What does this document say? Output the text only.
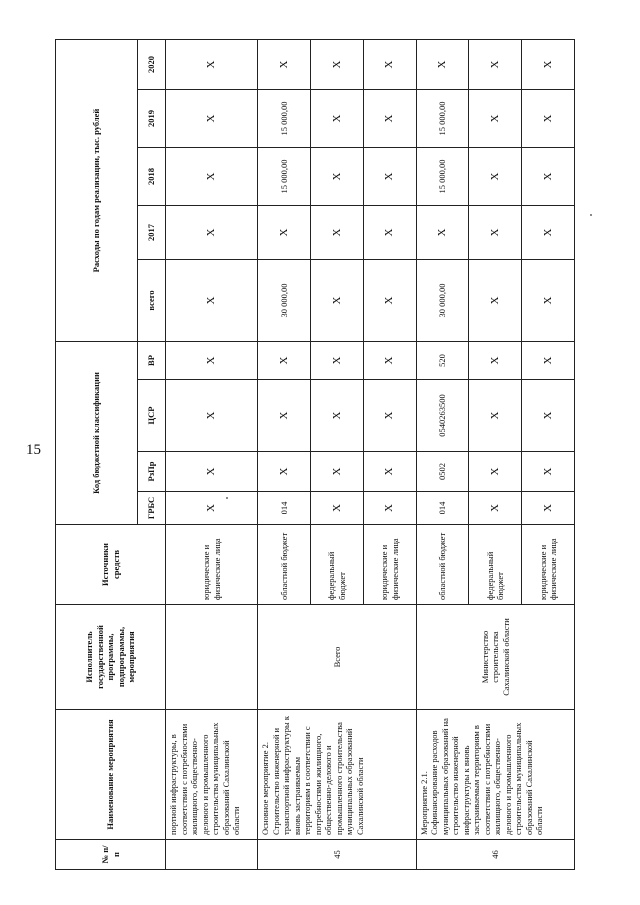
15
№ п/п	Наименование мероприятия	Исполнитель государственной программы, подпрограммы, мероприятия	Источники средств	Код бюджетной классификации				Расходы по годам реализации, тыс. рублей				
				ГРБС	РзПр	ЦСР	ВР	всего	2017	2018	2019	2020
	портной инфраструктуры, в соответствии с потребностями жилищного, общественно-делового и промышленного строительства муниципальных образований Сахалинской области		юридические и физические лица	X	X	X	X	X	X	X	X	X
45	Основное мероприятие 2. Строительство инженерной и транспортной инфраструктуры к вновь застраиваемым территориям в соответствии с потребностями жилищного, общественно-делового и промышленного строительства муниципальных образований Сахалинской области	Всего	областной бюджет	014	X	X	X	30 000,00	X	15 000,00	15 000,00	X
			федеральный бюджет	X	X	X	X	X	X	X	X	X
			юридические и физические лица	X	X	X	X	X	X	X	X	X
46	Мероприятие 2.1. Софинансирование расходов муниципальных образований на строительство инженерной инфраструктуры к вновь застраиваемым территориям в соответствии с потребностями жилищного, общественно-делового и промышленного строительства муниципальных образований Сахалинской области	Министерство строительства Сахалинской области	областной бюджет	014	0502	0540263500	520	30 000,00	X	15 000,00	15 000,00	X
			федеральный бюджет	X	X	X	X	X	X	X	X	X
			юридические и физические лица	X	X	X	X	X	X	X	X	X
